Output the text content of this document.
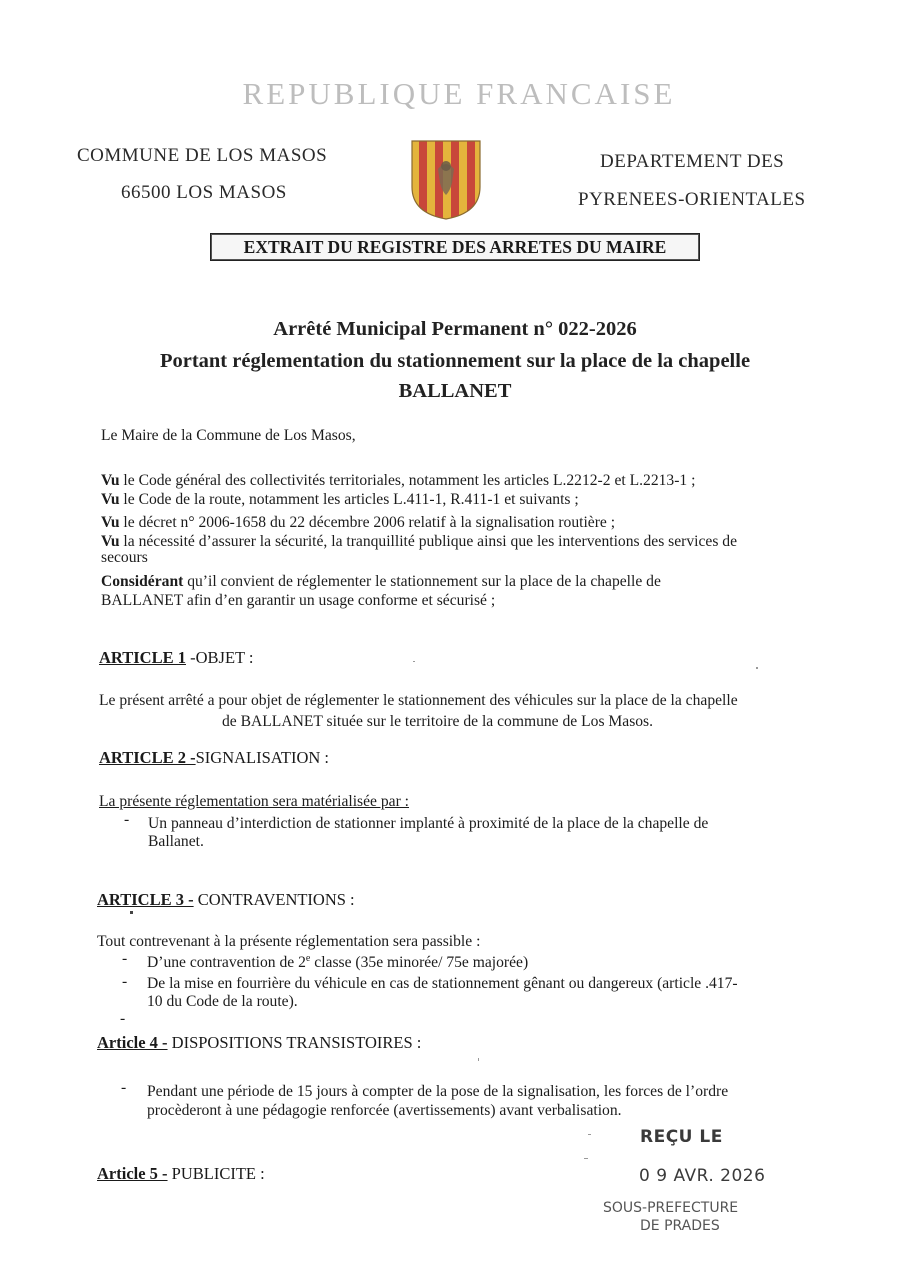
REPUBLIQUE FRANCAISE
COMMUNE DE LOS MASOS
66500 LOS MASOS
DEPARTEMENT DES
PYRENEES-ORIENTALES
EXTRAIT DU REGISTRE DES ARRETES DU MAIRE
Arrêté Municipal Permanent n° 022-2026
Portant réglementation du stationnement sur la place de la chapelle
BALLANET
Le Maire de la Commune de Los Masos,
Vu le Code général des collectivités territoriales, notamment les articles L.2212-2 et L.2213-1 ;
Vu le Code de la route, notamment les articles L.411-1, R.411-1 et suivants ;
Vu le décret n° 2006-1658 du 22 décembre 2006 relatif à la signalisation routière ;
Vu la nécessité d’assurer la sécurité, la tranquillité publique ainsi que les interventions des services de
secours
Considérant qu’il convient de réglementer le stationnement sur la place de la chapelle de
BALLANET afin d’en garantir un usage conforme et sécurisé ;
ARTICLE 1 -OBJET :
Le présent arrêté a pour objet de réglementer le stationnement des véhicules sur la place de la chapelle
de BALLANET située sur le territoire de la commune de Los Masos.
ARTICLE 2 -SIGNALISATION :
La présente réglementation sera matérialisée par :
- Un panneau d’interdiction de stationner implanté à proximité de la place de la chapelle de
Ballanet.
ARTICLE 3 - CONTRAVENTIONS :
Tout contrevenant à la présente réglementation sera passible :
- D’une contravention de 2e classe (35e minorée/ 75e majorée)
- De la mise en fourrière du véhicule en cas de stationnement gênant ou dangereux (article .417-
10 du Code de la route).
-
Article 4 - DISPOSITIONS TRANSISTOIRES :
- Pendant une période de 15 jours à compter de la pose de la signalisation, les forces de l’ordre
procèderont à une pédagogie renforcée (avertissements) avant verbalisation.
Article 5 - PUBLICITE :
REÇU LE
0 9 AVR. 2026
SOUS-PREFECTURE
DE PRADES
